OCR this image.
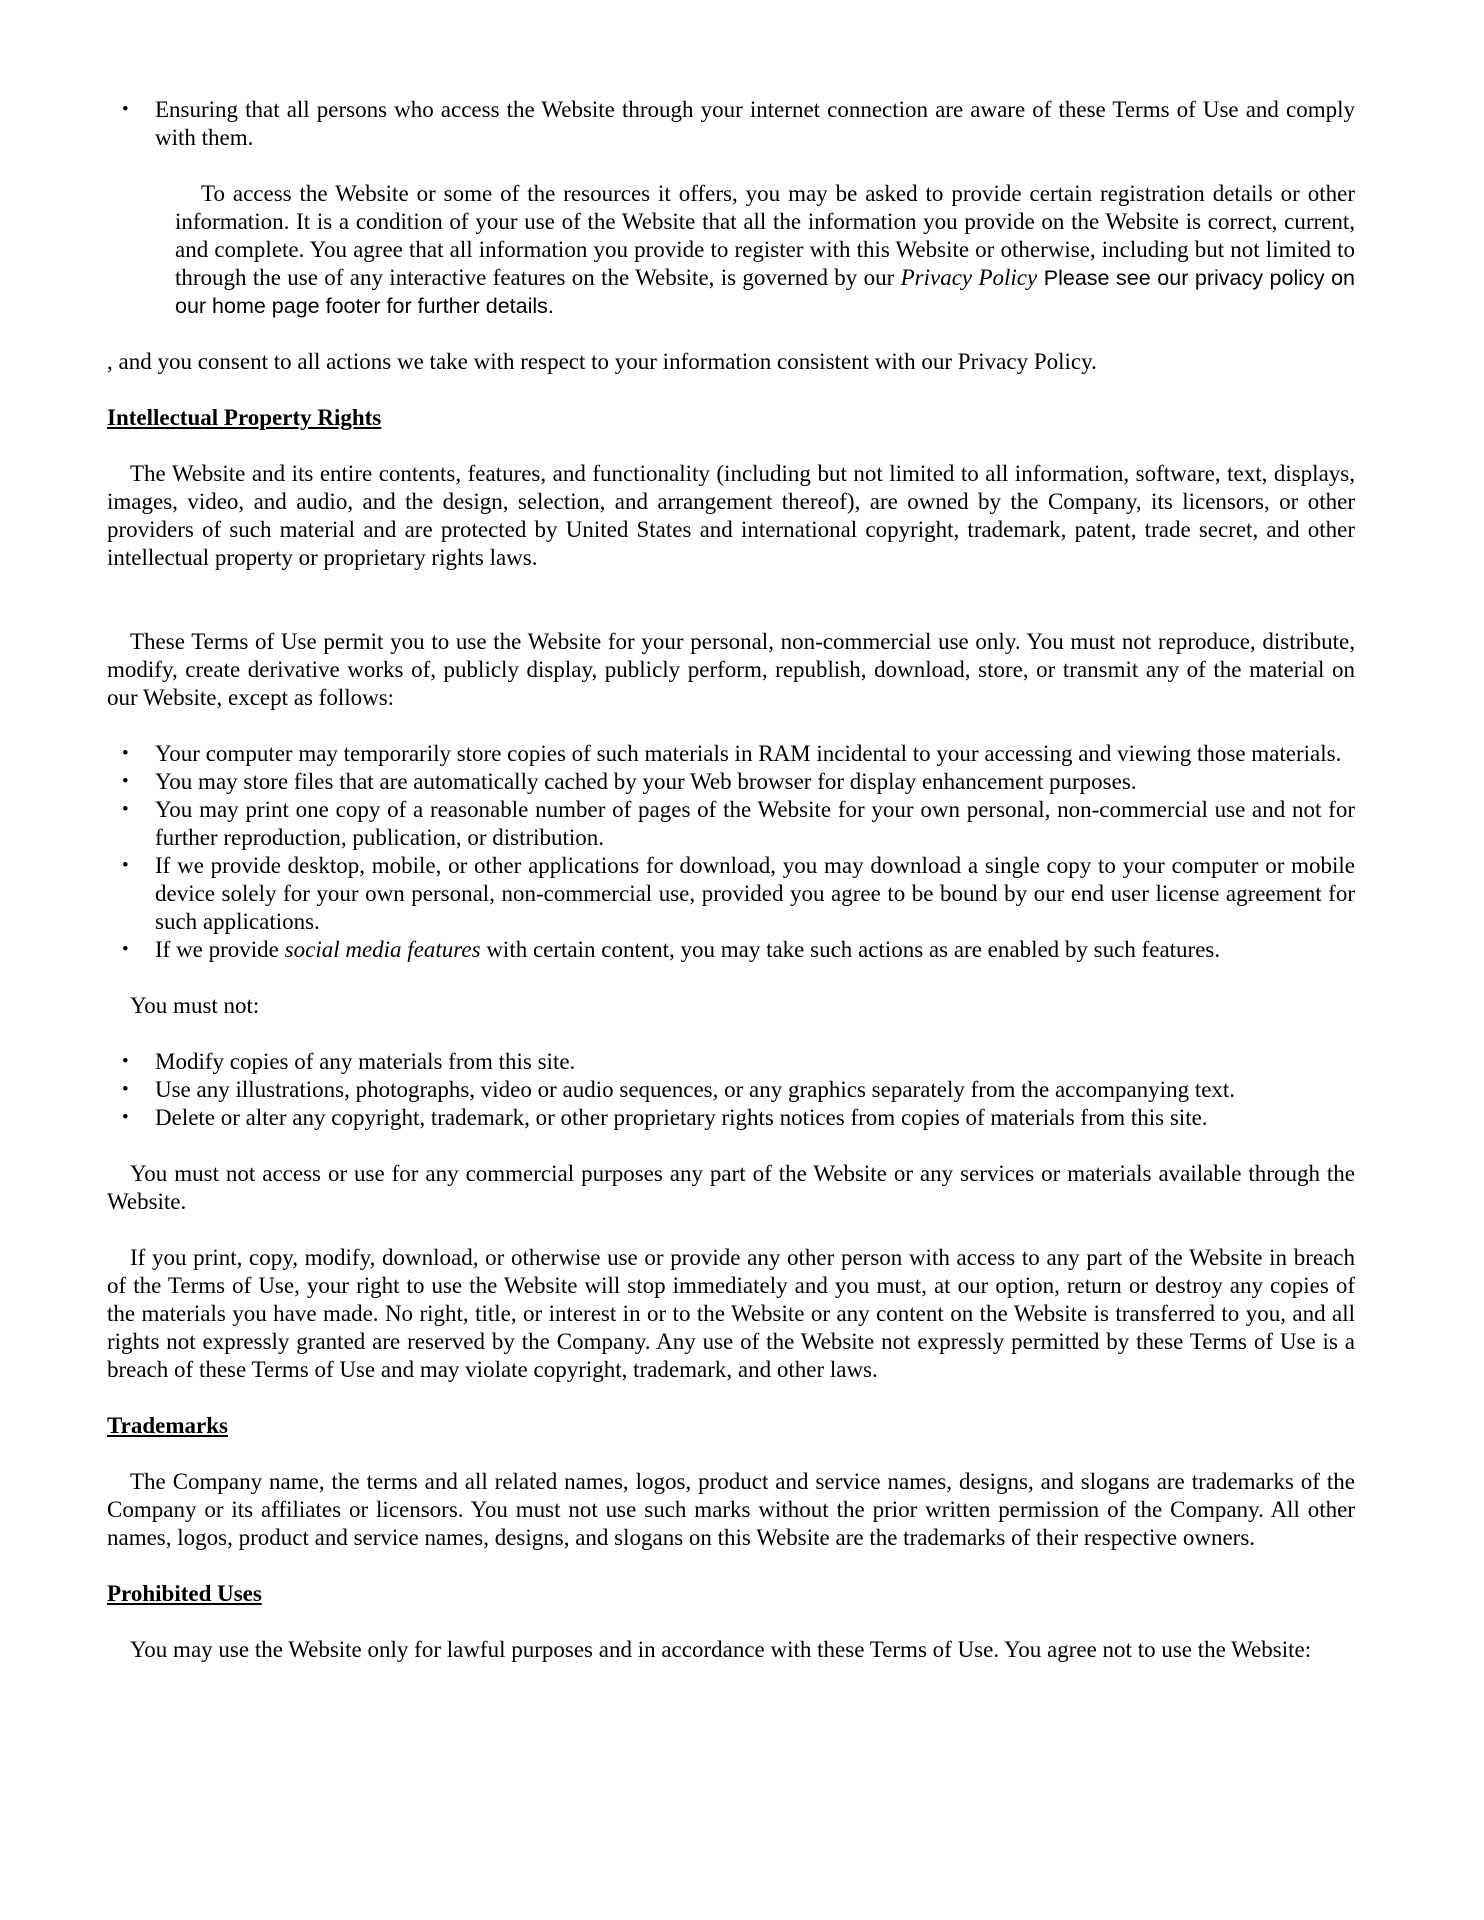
• Ensuring that all persons who access the Website through your internet connection are aware of these Terms of Use and comply with them.

To access the Website or some of the resources it offers, you may be asked to provide certain registration details or other information. It is a condition of your use of the Website that all the information you provide on the Website is correct, current, and complete. You agree that all information you provide to register with this Website or otherwise, including but not limited to through the use of any interactive features on the Website, is governed by our Privacy Policy Please see our privacy policy on our home page footer for further details.

, and you consent to all actions we take with respect to your information consistent with our Privacy Policy.

Intellectual Property Rights

The Website and its entire contents, features, and functionality (including but not limited to all information, software, text, displays, images, video, and audio, and the design, selection, and arrangement thereof), are owned by the Company, its licensors, or other providers of such material and are protected by United States and international copyright, trademark, patent, trade secret, and other intellectual property or proprietary rights laws.

These Terms of Use permit you to use the Website for your personal, non-commercial use only. You must not reproduce, distribute, modify, create derivative works of, publicly display, publicly perform, republish, download, store, or transmit any of the material on our Website, except as follows:

• Your computer may temporarily store copies of such materials in RAM incidental to your accessing and viewing those materials.
• You may store files that are automatically cached by your Web browser for display enhancement purposes.
• You may print one copy of a reasonable number of pages of the Website for your own personal, non-commercial use and not for further reproduction, publication, or distribution.
• If we provide desktop, mobile, or other applications for download, you may download a single copy to your computer or mobile device solely for your own personal, non-commercial use, provided you agree to be bound by our end user license agreement for such applications.
• If we provide social media features with certain content, you may take such actions as are enabled by such features.

You must not:

• Modify copies of any materials from this site.
• Use any illustrations, photographs, video or audio sequences, or any graphics separately from the accompanying text.
• Delete or alter any copyright, trademark, or other proprietary rights notices from copies of materials from this site.

You must not access or use for any commercial purposes any part of the Website or any services or materials available through the Website.

If you print, copy, modify, download, or otherwise use or provide any other person with access to any part of the Website in breach of the Terms of Use, your right to use the Website will stop immediately and you must, at our option, return or destroy any copies of the materials you have made. No right, title, or interest in or to the Website or any content on the Website is transferred to you, and all rights not expressly granted are reserved by the Company. Any use of the Website not expressly permitted by these Terms of Use is a breach of these Terms of Use and may violate copyright, trademark, and other laws.

Trademarks

The Company name, the terms and all related names, logos, product and service names, designs, and slogans are trademarks of the Company or its affiliates or licensors. You must not use such marks without the prior written permission of the Company. All other names, logos, product and service names, designs, and slogans on this Website are the trademarks of their respective owners.

Prohibited Uses

You may use the Website only for lawful purposes and in accordance with these Terms of Use. You agree not to use the Website:
